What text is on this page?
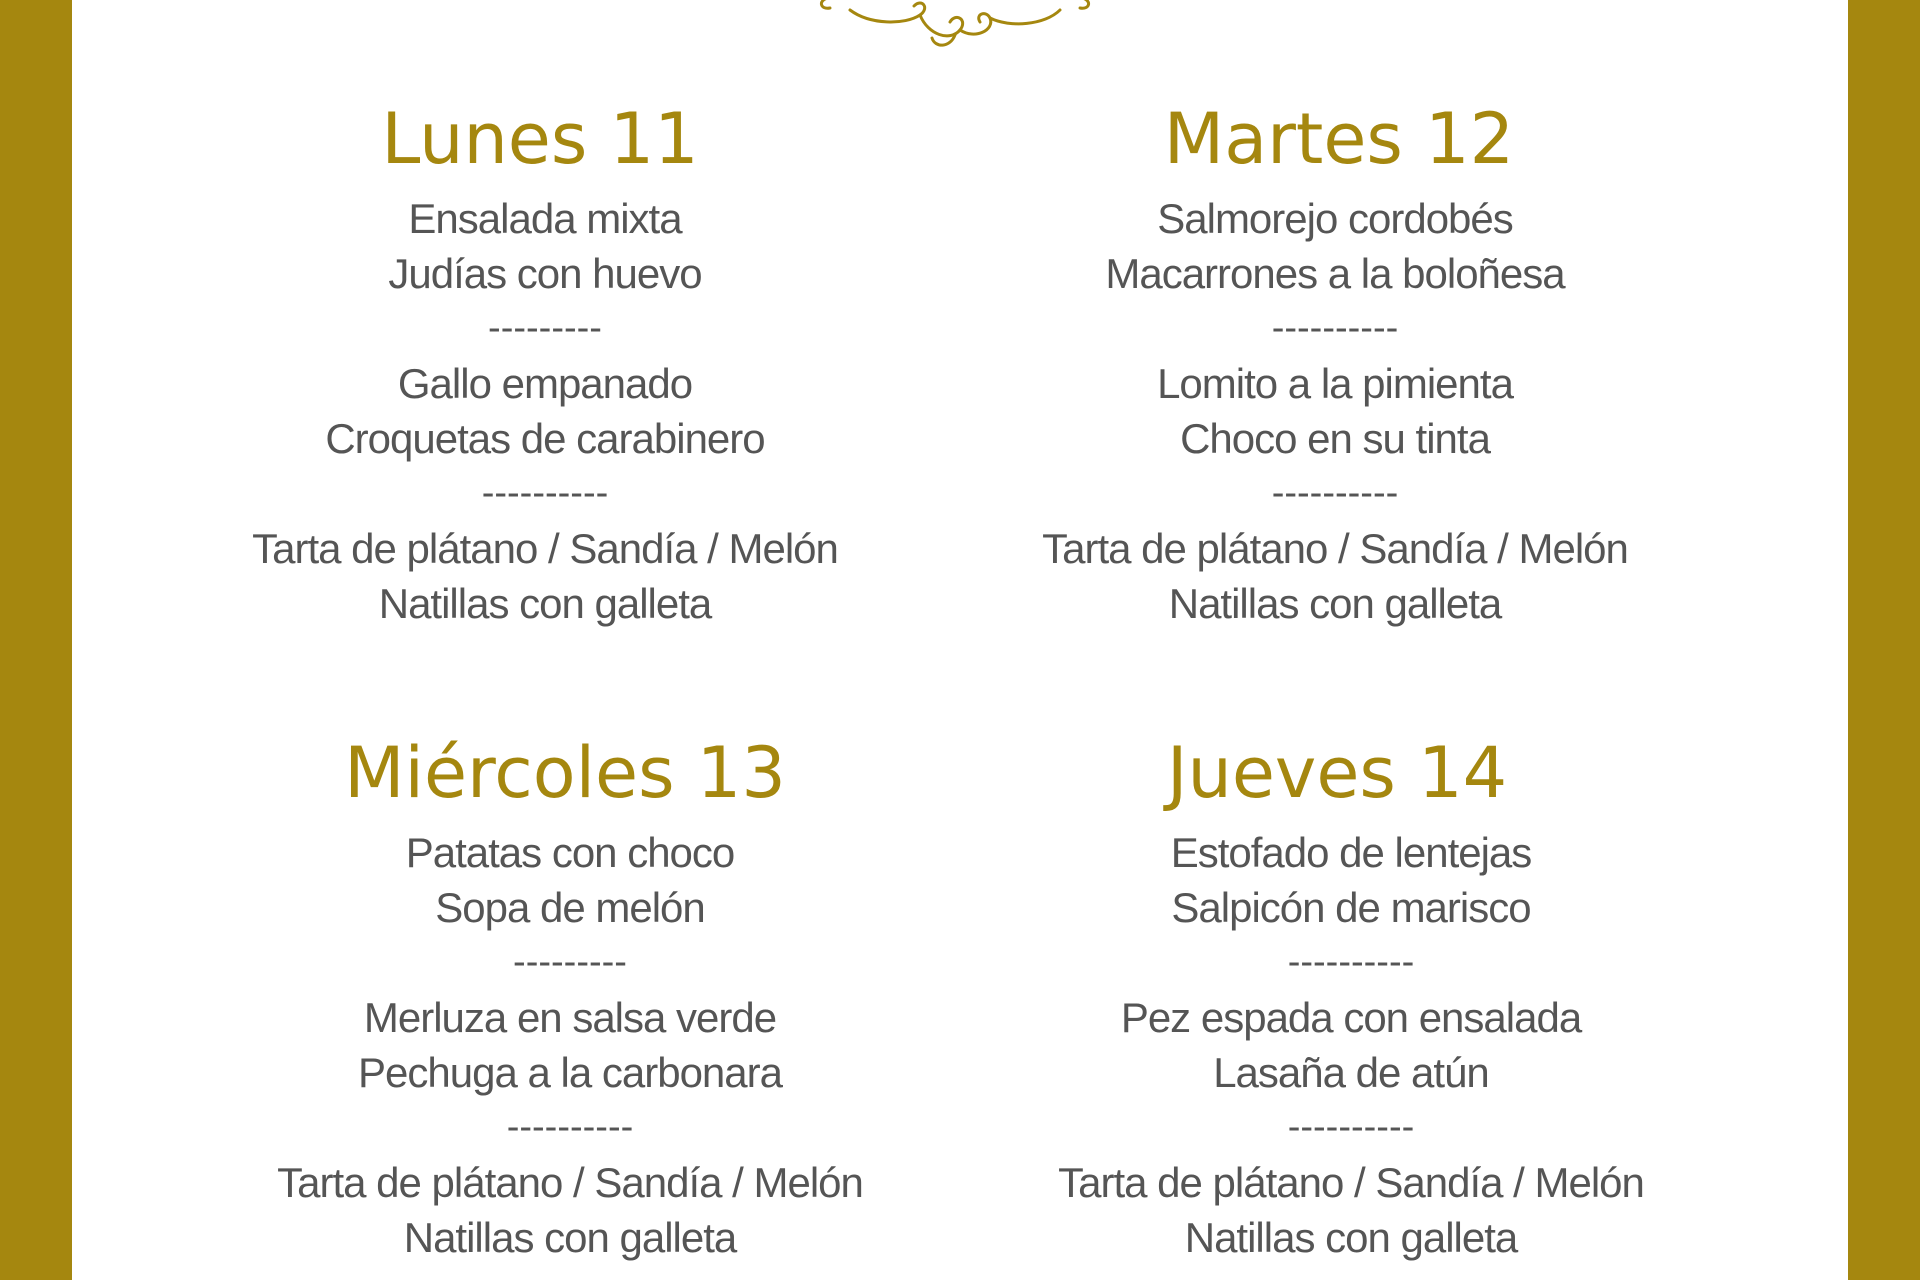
Lunes 11
Ensalada mixta
Judías con huevo
---------
Gallo empanado
Croquetas de carabinero
----------
Tarta de plátano / Sandía / Melón
Natillas con galleta
Martes 12
Salmorejo cordobés
Macarrones a la boloñesa
----------
Lomito a la pimienta
Choco en su tinta
----------
Tarta de plátano / Sandía / Melón
Natillas con galleta
Miércoles 13
Patatas con choco
Sopa de melón
---------
Merluza en salsa verde
Pechuga a la carbonara
----------
Tarta de plátano / Sandía / Melón
Natillas con galleta
Jueves 14
Estofado de lentejas
Salpicón de marisco
----------
Pez espada con ensalada
Lasaña de atún
----------
Tarta de plátano / Sandía / Melón
Natillas con galleta
